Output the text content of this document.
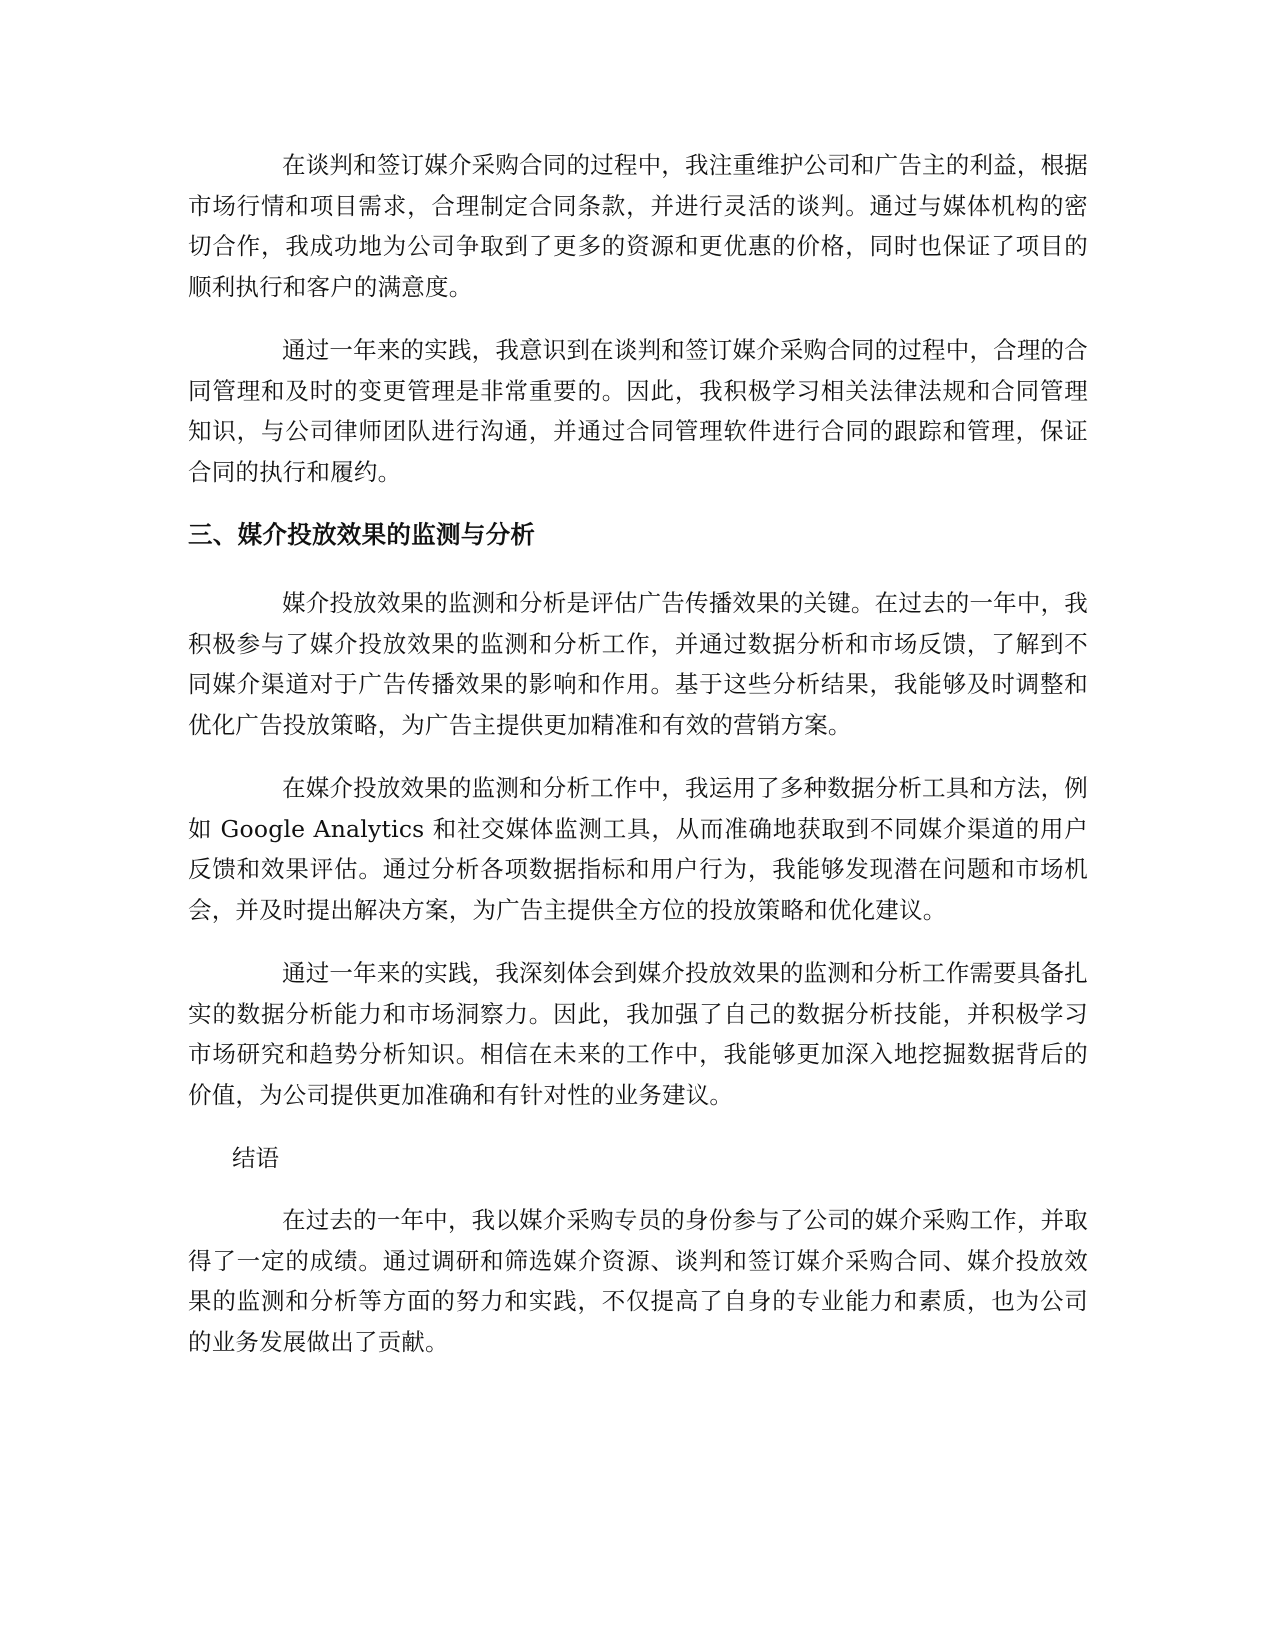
在谈判和签订媒介采购合同的过程中，我注重维护公司和广告主的利益，根据市场行情和项目需求，合理制定合同条款，并进行灵活的谈判。通过与媒体机构的密切合作，我成功地为公司争取到了更多的资源和更优惠的价格，同时也保证了项目的顺利执行和客户的满意度。

通过一年来的实践，我意识到在谈判和签订媒介采购合同的过程中，合理的合同管理和及时的变更管理是非常重要的。因此，我积极学习相关法律法规和合同管理知识，与公司律师团队进行沟通，并通过合同管理软件进行合同的跟踪和管理，保证合同的执行和履约。

三、媒介投放效果的监测与分析

媒介投放效果的监测和分析是评估广告传播效果的关键。在过去的一年中，我积极参与了媒介投放效果的监测和分析工作，并通过数据分析和市场反馈，了解到不同媒介渠道对于广告传播效果的影响和作用。基于这些分析结果，我能够及时调整和优化广告投放策略，为广告主提供更加精准和有效的营销方案。

在媒介投放效果的监测和分析工作中，我运用了多种数据分析工具和方法，例如 Google Analytics 和社交媒体监测工具，从而准确地获取到不同媒介渠道的用户反馈和效果评估。通过分析各项数据指标和用户行为，我能够发现潜在问题和市场机会，并及时提出解决方案，为广告主提供全方位的投放策略和优化建议。

通过一年来的实践，我深刻体会到媒介投放效果的监测和分析工作需要具备扎实的数据分析能力和市场洞察力。因此，我加强了自己的数据分析技能，并积极学习市场研究和趋势分析知识。相信在未来的工作中，我能够更加深入地挖掘数据背后的价值，为公司提供更加准确和有针对性的业务建议。

结语

在过去的一年中，我以媒介采购专员的身份参与了公司的媒介采购工作，并取得了一定的成绩。通过调研和筛选媒介资源、谈判和签订媒介采购合同、媒介投放效果的监测和分析等方面的努力和实践，不仅提高了自身的专业能力和素质，也为公司的业务发展做出了贡献。
